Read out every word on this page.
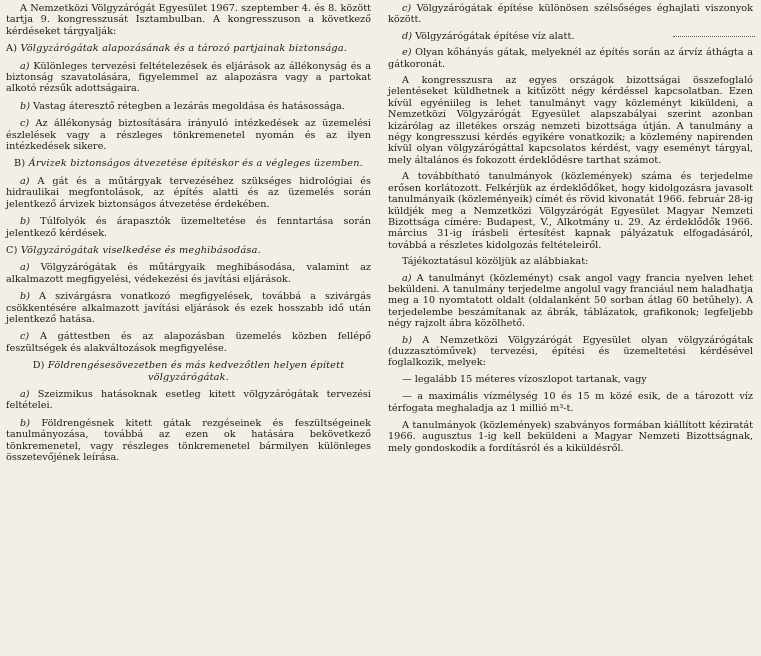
A Nemzetközi Völgyzárógát Egyesület 1967. szeptember 4. és 8. között tartja 9. kongresszusát Isztambulban. A kongresszuson a következő kérdéseket tárgyalják:

A) Völgyzárógátak alapozásának és a tározó partjainak biztonsága.

a) Különleges tervezési feltételezések és eljárások az állékonyság és a biztonság szavatolására, figyelemmel az alapozásra vagy a partokat alkotó rézsűk adottságaira.

b) Vastag áteresztő rétegben a lezárás megoldása és hatásossága.

c) Az állékonyság biztosítására irányuló intézkedések az üzemelési észlelések vagy a részleges tönkremenetel nyomán és az ilyen intézkedések sikere.

B) Árvizek biztonságos átvezetése építéskor és a végleges üzemben.

a) A gát és a műtárgyak tervezéséhez szükséges hidrológiai és hidraulikai megfontolások, az építés alatti és az üzemelés során jelentkező árvizek biztonságos átvezetése érdekében.

b) Túlfolyók és árapasztók üzemeltetése és fenntartása során jelentkező kérdések.

C) Völgyzárógátak viselkedése és meghibásodása.

a) Völgyzárógátak és műtárgyaik meghibásodása, valamint az alkalmazott megfigyelési, védekezési és javítási eljárások.

b) A szivárgásra vonatkozó megfigyelések, továbbá a szivárgás csökkentésére alkalmazott javítási eljárások és ezek hosszabb idő után jelentkező hatása.

c) A gáttestben és az alapozásban üzemelés közben fellépő feszültségek és alakváltozások megfigyelése.

D) Földrengésesövezetben és más kedvezőtlen helyen épített völgyzárógátak.

a) Szeizmikus hatásoknak esetleg kitett völgyzárógátak tervezési feltételei.

b) Földrengésnek kitett gátak rezgéseinek és feszültségeinek tanulmányozása, továbbá az ezen ok hatására bekövetkező tönkremenetel, vagy részleges tönkremenetel bármilyen különleges összetevőjének leírása.

c) Völgyzárógátak építése különösen szélsőséges éghajlati viszonyok között.

d) Völgyzárógátak építése víz alatt.

e) Olyan kőhányás gátak, melyeknél az építés során az árvíz áthágta a gátkoronát.

A kongresszusra az egyes országok bizottságai összefoglaló jelentéseket küldhetnek a kitűzött négy kérdéssel kapcsolatban. Ezen kívül egyéniileg is lehet tanulmányt vagy közleményt kiküldeni, a Nemzetközi Völgyzárógát Egyesület alapszabályai szerint azonban kizárólag az illetékes ország nemzeti bizottsága útján. A tanulmány a négy kongresszusi kérdés egyikére vonatkozik; a közlemény napirenden kívül olyan völgyzárógáttal kapcsolatos kérdést, vagy eseményt tárgyal, mely általános és fokozott érdeklődésre tarthat számot.

A továbbítható tanulmányok (közlemények) száma és terjedelme erősen korlátozott. Felkérjük az érdeklődőket, hogy kidolgozásra javasolt tanulmányaik (közleményeik) címét és rövid kivonatát 1966. február 28-ig küldjék meg a Nemzetközi Völgyzárógát Egyesület Magyar Nemzeti Bizottsága címére: Budapest, V., Alkotmány u. 29. Az érdeklődők 1966. március 31-ig írásbeli értesítést kapnak pályázatuk elfogadásáról, továbbá a részletes kidolgozás feltételeiről.

Tájékoztatásul közöljük az alábbiakat:

a) A tanulmányt (közleményt) csak angol vagy francia nyelven lehet beküldeni. A tanulmány terjedelme angolul vagy franciául nem haladhatja meg a 10 nyomtatott oldalt (oldalanként 50 sorban átlag 60 betűhely). A terjedelembe beszámítanak az ábrák, táblázatok, grafikonok; legfeljebb négy rajzolt ábra közölhető.

b) A Nemzetközi Völgyzárógát Egyesület olyan völgyzárógátak (duzzasztóművek) tervezési, építési és üzemeltetési kérdésével foglalkozik, melyek:

— legalább 15 méteres vízoszlopot tartanak, vagy

— a maximális vízmélység 10 és 15 m közé esik, de a tározott víz térfogata meghaladja az 1 millió m³-t.

A tanulmányok (közlemények) szabványos formában kiállított kéziratát 1966. augusztus 1-ig kell beküldeni a Magyar Nemzeti Bizottságnak, mely gondoskodik a fordításról és a kiküldésről.
